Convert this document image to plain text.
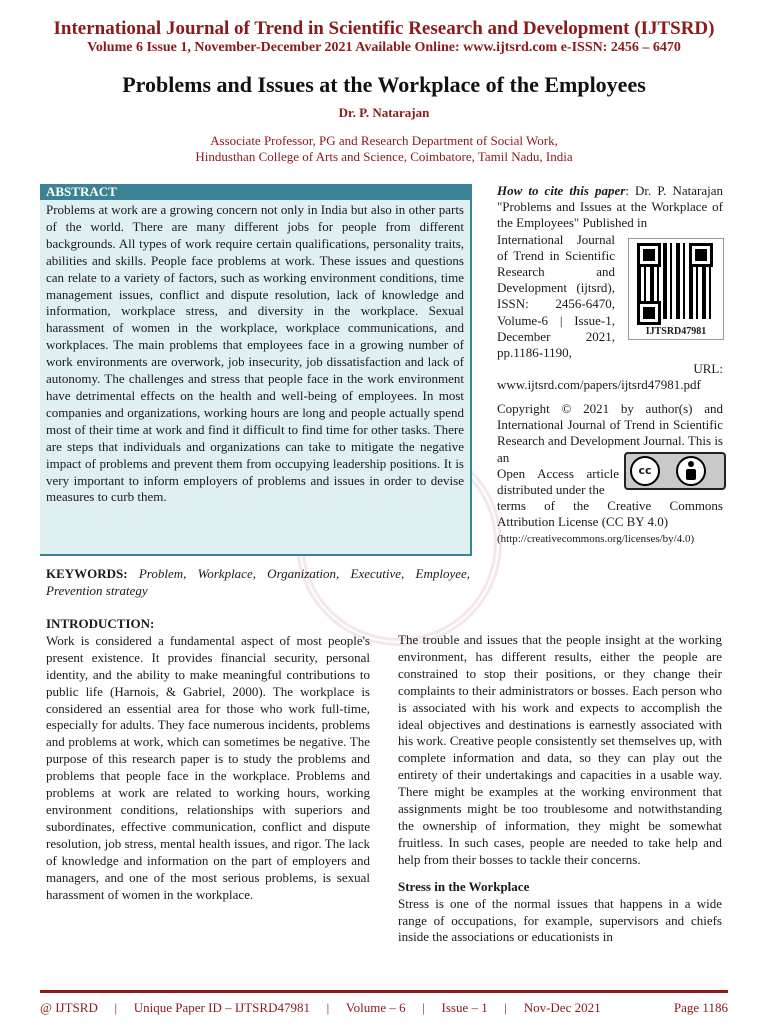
International Journal of Trend in Scientific Research and Development (IJTSRD)
Volume 6 Issue 1, November-December 2021 Available Online: www.ijtsrd.com e-ISSN: 2456 – 6470
Problems and Issues at the Workplace of the Employees
Dr. P. Natarajan
Associate Professor, PG and Research Department of Social Work,
Hindusthan College of Arts and Science, Coimbatore, Tamil Nadu, India
ABSTRACT
Problems at work are a growing concern not only in India but also in other parts of the world. There are many different jobs for people from different backgrounds. All types of work require certain qualifications, personality traits, abilities and skills. People face problems at work. These issues and questions can relate to a variety of factors, such as working environment conditions, time management issues, conflict and dispute resolution, lack of knowledge and information, workplace stress, and diversity in the workplace. Sexual harassment of women in the workplace, workplace communications, and workplaces. The main problems that employees face in a growing number of work environments are overwork, job insecurity, job dissatisfaction and lack of autonomy. The challenges and stress that people face in the work environment have detrimental effects on the health and well-being of employees. In most companies and organizations, working hours are long and people actually spend most of their time at work and find it difficult to find time for other tasks. There are steps that individuals and organizations can take to mitigate the negative impact of problems and prevent them from occupying leadership positions. It is very important to inform employers of problems and issues in order to devise measures to curb them.
How to cite this paper: Dr. P. Natarajan "Problems and Issues at the Workplace of the Employees" Published in
International Journal of Trend in Scientific Research and Development (ijtsrd), ISSN: 2456-6470, Volume-6 | Issue-1, December 2021, pp.1186-1190,
URL:
www.ijtsrd.com/papers/ijtsrd47981.pdf
IJTSRD47981
Copyright © 2021 by author(s) and International Journal of Trend in Scientific Research and Development Journal. This is an
Open Access article distributed under the
terms of the Creative Commons Attribution License (CC BY 4.0)
(http://creativecommons.org/licenses/by/4.0)
cc
KEYWORDS: Problem, Workplace, Organization, Executive, Employee, Prevention strategy
INTRODUCTION:
Work is considered a fundamental aspect of most people's present existence. It provides financial security, personal identity, and the ability to make meaningful contributions to public life (Harnois, & Gabriel, 2000). The workplace is considered an essential area for those who work full-time, especially for adults. They face numerous incidents, problems and problems at work, which can sometimes be negative. The purpose of this research paper is to study the problems and problems that people face in the workplace. Problems and problems at work are related to working hours, working environment conditions, relationships with superiors and subordinates, effective communication, conflict and dispute resolution, job stress, mental health issues, and rigor. The lack of knowledge and information on the part of employers and managers, and one of the most serious problems, is sexual harassment of women in the workplace.
The trouble and issues that the people insight at the working environment, has different results, either the people are constrained to stop their positions, or they change their complaints to their administrators or bosses. Each person who is associated with his work and expects to accomplish the ideal objectives and destinations is earnestly associated with his work. Creative people consistently set themselves up, with complete information and data, so they can play out the entirety of their undertakings and capacities in a usable way. There might be examples at the working environment that assignments might be too troublesome and notwithstanding the ownership of information, they might be somewhat fruitless. In such cases, people are needed to take help and help from their bosses to tackle their concerns.
Stress in the Workplace
Stress is one of the normal issues that happens in a wide range of occupations, for example, supervisors and chiefs inside the associations or educationists in
@ IJTSRD | Unique Paper ID – IJTSRD47981 | Volume – 6 | Issue – 1 | Nov-Dec 2021	Page 1186
